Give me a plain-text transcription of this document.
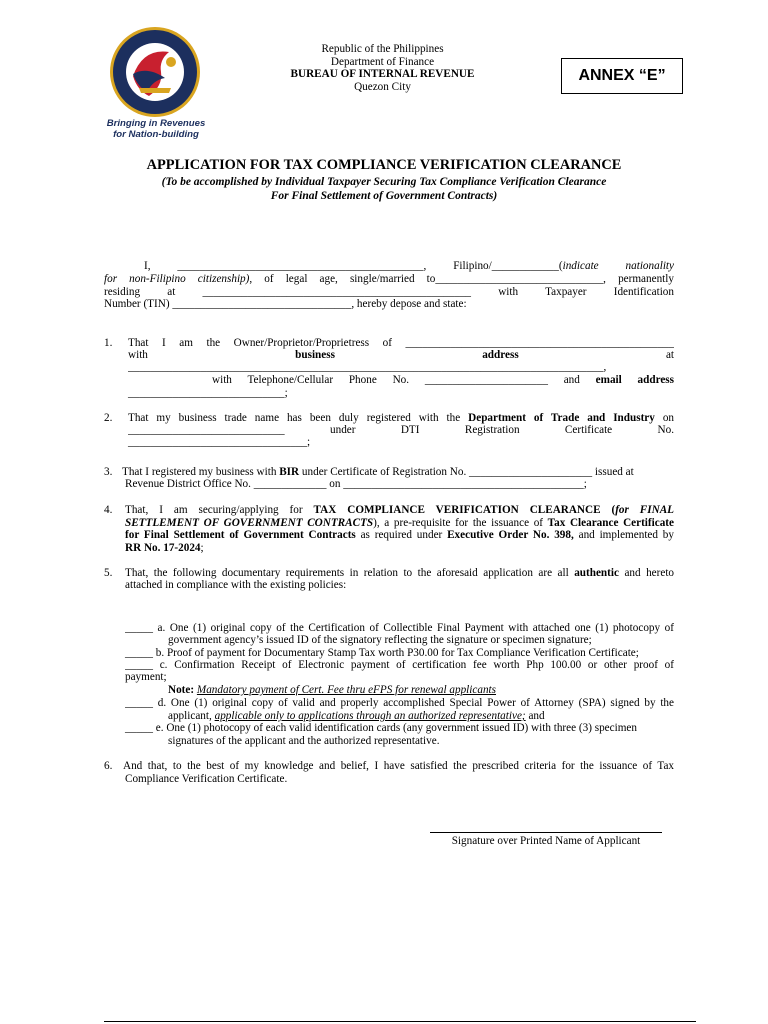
Bringing in Revenues
for Nation-building
Republic of the Philippines
Department of Finance
BUREAU OF INTERNAL REVENUE
Quezon City
ANNEX “E”
APPLICATION FOR TAX COMPLIANCE VERIFICATION CLEARANCE
(To be accomplished by Individual Taxpayer Securing Tax Compliance Verification Clearance
For Final Settlement of Government Contracts)
I, ____________________________________________, Filipino/____________(indicate nationality
for non-Filipino citizenship), of legal age, single/married to______________________________, permanently
residing at ________________________________________________ with Taxpayer Identification
Number (TIN) ________________________________, hereby depose and state:
1. That I am the Owner/Proprietor/Proprietress of ________________________________________________
with	business	address	at
_____________________________________________________________________________________,
with Telephone/Cellular Phone No. ______________________ and email address
____________________________;
2. That my business trade name has been duly registered with the Department of Trade and Industry on
____________________________ under DTI Registration Certificate No.
________________________________;
3. That I registered my business with BIR under Certificate of Registration No. ______________________ issued at
Revenue District Office No. _____________ on ___________________________________________;
4. That, I am securing/applying for TAX COMPLIANCE VERIFICATION CLEARANCE (for FINAL
SETTLEMENT OF GOVERNMENT CONTRACTS), a pre-requisite for the issuance of Tax Clearance Certificate
for Final Settlement of Government Contracts as required under Executive Order No. 398, and implemented by
RR No. 17-2024;
5. That, the following documentary requirements in relation to the aforesaid application are all authentic and hereto
attached in compliance with the existing policies:
_____ a. One (1) original copy of the Certification of Collectible Final Payment with attached one (1) photocopy of
government agency’s issued ID of the signatory reflecting the signature or specimen signature;
_____ b. Proof of payment for Documentary Stamp Tax worth P30.00 for Tax Compliance Verification Certificate;
_____ c. Confirmation Receipt of Electronic payment of certification fee worth Php 100.00 or other proof of
payment;
Note: Mandatory payment of Cert. Fee thru eFPS for renewal applicants
_____ d. One (1) original copy of valid and properly accomplished Special Power of Attorney (SPA) signed by the
applicant, applicable only to applications through an authorized representative; and
_____ e. One (1) photocopy of each valid identification cards (any government issued ID) with three (3) specimen
signatures of the applicant and the authorized representative.
6. And that, to the best of my knowledge and belief, I have satisfied the prescribed criteria for the issuance of Tax
Compliance Verification Certificate.
Signature over Printed Name of Applicant
